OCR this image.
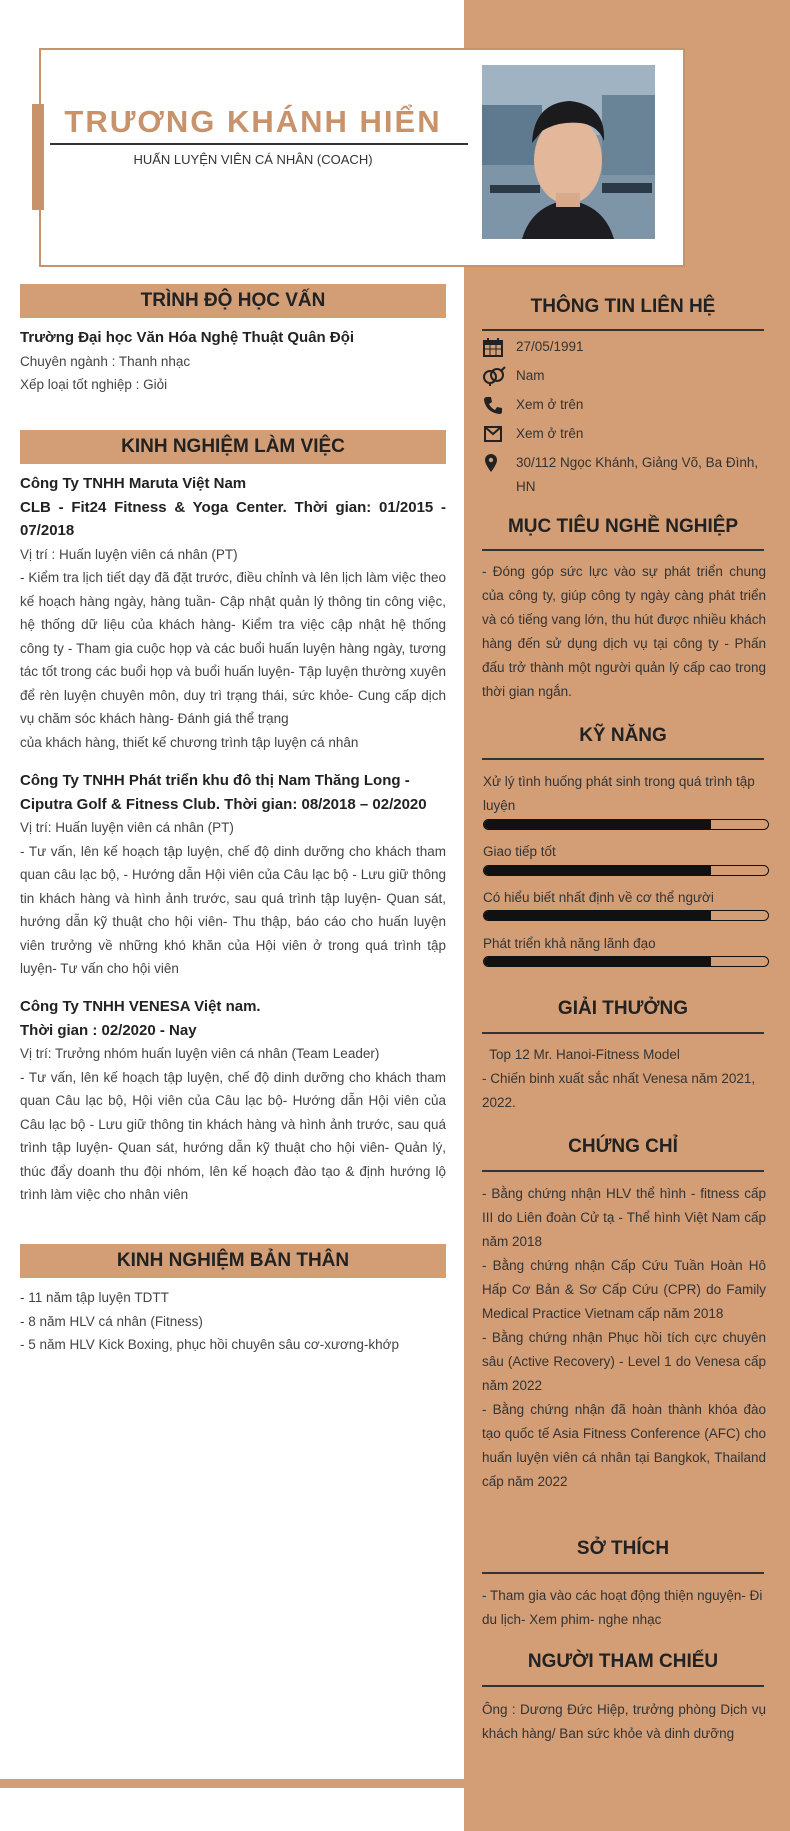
TRƯƠNG KHÁNH HIỂN
HUẤN LUYỆN VIÊN CÁ NHÂN (COACH)
TRÌNH ĐỘ HỌC VẤN
Trường Đại học Văn Hóa Nghệ Thuật Quân Đội
Chuyên ngành : Thanh nhạc
Xếp loại tốt nghiệp : Giỏi
KINH NGHIỆM LÀM VIỆC
Công Ty TNHH Maruta Việt Nam
CLB - Fit24 Fitness & Yoga Center. Thời gian: 01/2015 - 07/2018
Vị trí : Huấn luyện viên cá nhân (PT)
- Kiểm tra lịch tiết dạy đã đặt trước, điều chỉnh và lên lịch làm việc theo kế hoạch hàng ngày, hàng tuần- Cập nhật quản lý thông tin công việc, hệ thống dữ liệu của khách hàng- Kiểm tra việc cập nhật hệ thống công ty - Tham gia cuộc họp và các buổi huấn luyện hàng ngày, tương tác tốt trong các buổi họp và buổi huấn luyện- Tập luyện thường xuyên để rèn luyện chuyên môn, duy trì trạng thái, sức khỏe- Cung cấp dịch vụ chăm sóc khách hàng- Đánh giá thể trạng
của khách hàng, thiết kế chương trình tập luyện cá nhân
Công Ty TNHH Phát triển khu đô thị Nam Thăng Long -
Ciputra Golf & Fitness Club. Thời gian: 08/2018 – 02/2020
Vị trí: Huấn luyện viên cá nhân (PT)
- Tư vấn, lên kế hoạch tập luyện, chế độ dinh dưỡng cho khách tham quan câu lạc bộ, - Hướng dẫn Hội viên của Câu lạc bộ - Lưu giữ thông tin khách hàng và hình ảnh trước, sau quá trình tập luyện- Quan sát, hướng dẫn kỹ thuật cho hội viên- Thu thập, báo cáo cho huấn luyện viên trưởng về những khó khăn của Hội viên ở trong quá trình tập luyện- Tư vấn cho hội viên
Công Ty TNHH VENESA Việt nam.
Thời gian : 02/2020 - Nay
Vị trí: Trưởng nhóm huấn luyện viên cá nhân (Team Leader)
- Tư vấn, lên kế hoạch tập luyện, chế độ dinh dưỡng cho khách tham quan Câu lạc bộ, Hội viên của Câu lạc bộ- Hướng dẫn Hội viên của Câu lạc bộ - Lưu giữ thông tin khách hàng và hình ảnh trước, sau quá trình tập luyện- Quan sát, hướng dẫn kỹ thuật cho hội viên- Quản lý, thúc đẩy doanh thu đội nhóm, lên kế hoạch đào tạo & định hướng lộ trình làm việc cho nhân viên
KINH NGHIỆM BẢN THÂN
- 11 năm tập luyện TDTT
- 8 năm HLV cá nhân (Fitness)
- 5 năm HLV Kick Boxing, phục hồi chuyên sâu cơ-xương-khớp
THÔNG TIN LIÊN HỆ
27/05/1991
Nam
Xem ở trên
Xem ở trên
30/112 Ngọc Khánh, Giảng Võ, Ba Đình, HN
MỤC TIÊU NGHỀ NGHIỆP
- Đóng góp sức lực vào sự phát triển chung của công ty, giúp công ty ngày càng phát triển và có tiếng vang lớn, thu hút được nhiều khách hàng đến sử dụng dịch vụ tại công ty - Phấn đấu trở thành một người quản lý cấp cao trong thời gian ngắn.
KỸ NĂNG
Xử lý tình huống phát sinh trong quá trình tập luyện
Giao tiếp tốt
Có hiểu biết nhất định về cơ thể người
Phát triển khả năng lãnh đạo
GIẢI THƯỞNG
Top 12 Mr. Hanoi-Fitness Model
- Chiến binh xuất sắc nhất Venesa năm 2021, 2022.
CHỨNG CHỈ
- Bằng chứng nhận HLV thể hình - fitness cấp III do Liên đoàn Cử tạ - Thể hình Việt Nam cấp năm 2018
- Bằng chứng nhận Cấp Cứu Tuần Hoàn Hô Hấp Cơ Bản & Sơ Cấp Cứu (CPR) do Family Medical Practice Vietnam cấp năm 2018
- Bằng chứng nhận Phục hồi tích cực chuyên sâu (Active Recovery) - Level 1 do Venesa cấp năm 2022
- Bằng chứng nhận đã hoàn thành khóa đào tạo quốc tế Asia Fitness Conference (AFC) cho huấn luyện viên cá nhân tại Bangkok, Thailand cấp năm 2022
SỞ THÍCH
- Tham gia vào các hoạt động thiện nguyện- Đi du lịch- Xem phim- nghe nhạc
NGƯỜI THAM CHIẾU
Ông : Dương Đức Hiệp, trưởng phòng Dịch vụ khách hàng/ Ban sức khỏe và dinh dưỡng
